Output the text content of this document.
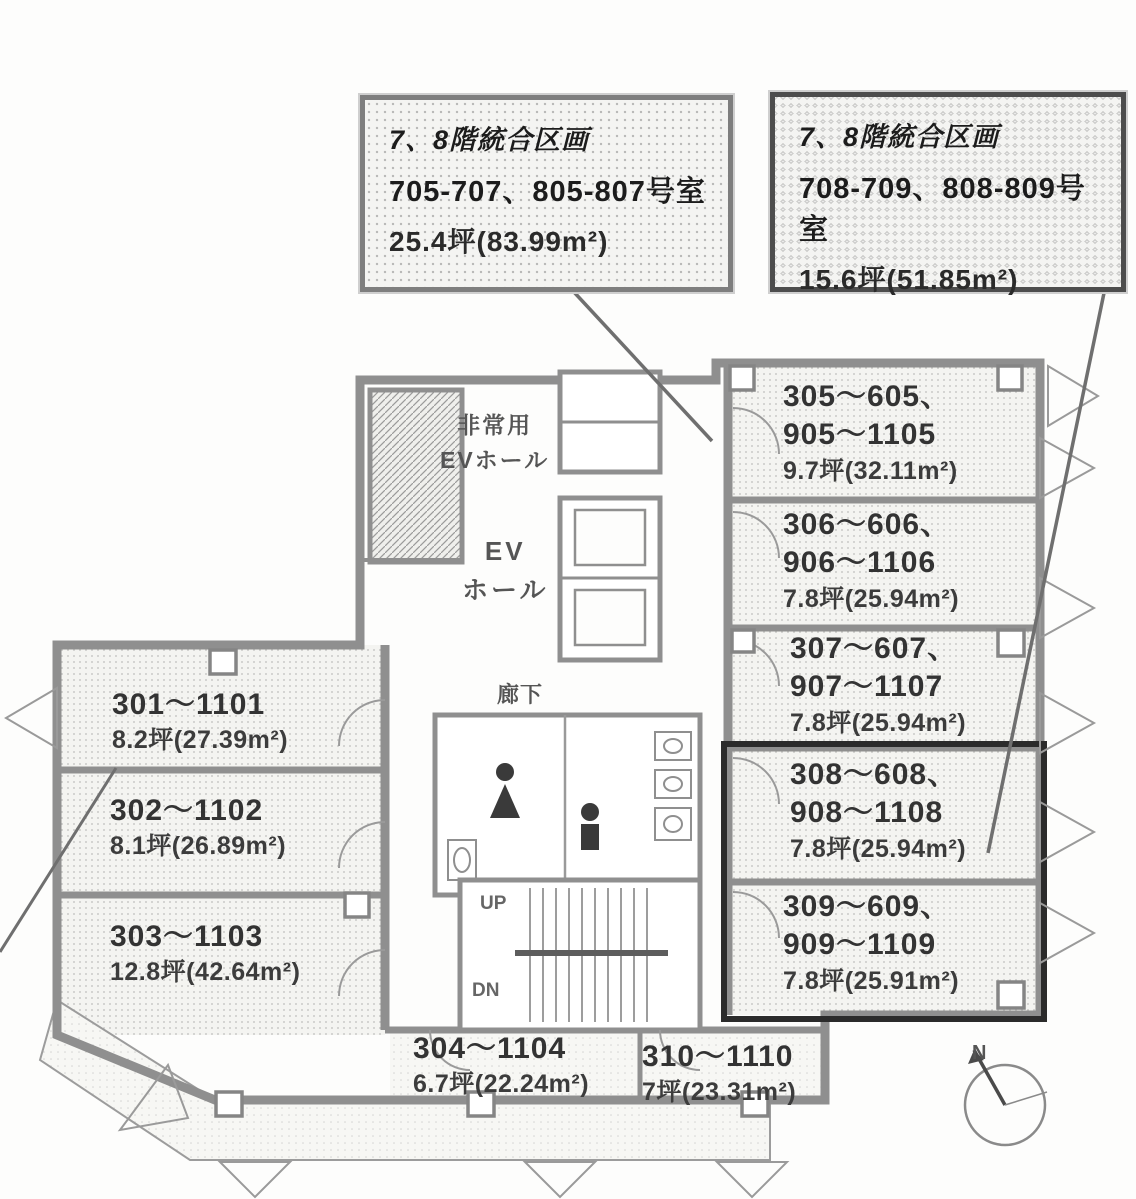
7、8階統合区画
705-707、805-807号室
25.4坪(83.99m²)
7、8階統合区画
708-709、808-809号室
15.6坪(51.85m²)
305～605、
905～1105
9.7坪(32.11m²)
306～606、
906～1106
7.8坪(25.94m²)
307～607、
907～1107
7.8坪(25.94m²)
308～608、
908～1108
7.8坪(25.94m²)
309～609、
909～1109
7.8坪(25.91m²)
301～1101
8.2坪(27.39m²)
302～1102
8.1坪(26.89m²)
303～1103
12.8坪(42.64m²)
304～1104
6.7坪(22.24m²)
310～1110
7坪(23.31m²)
非常用
EVホール
EV
ホール
廊下
UP
DN
N
